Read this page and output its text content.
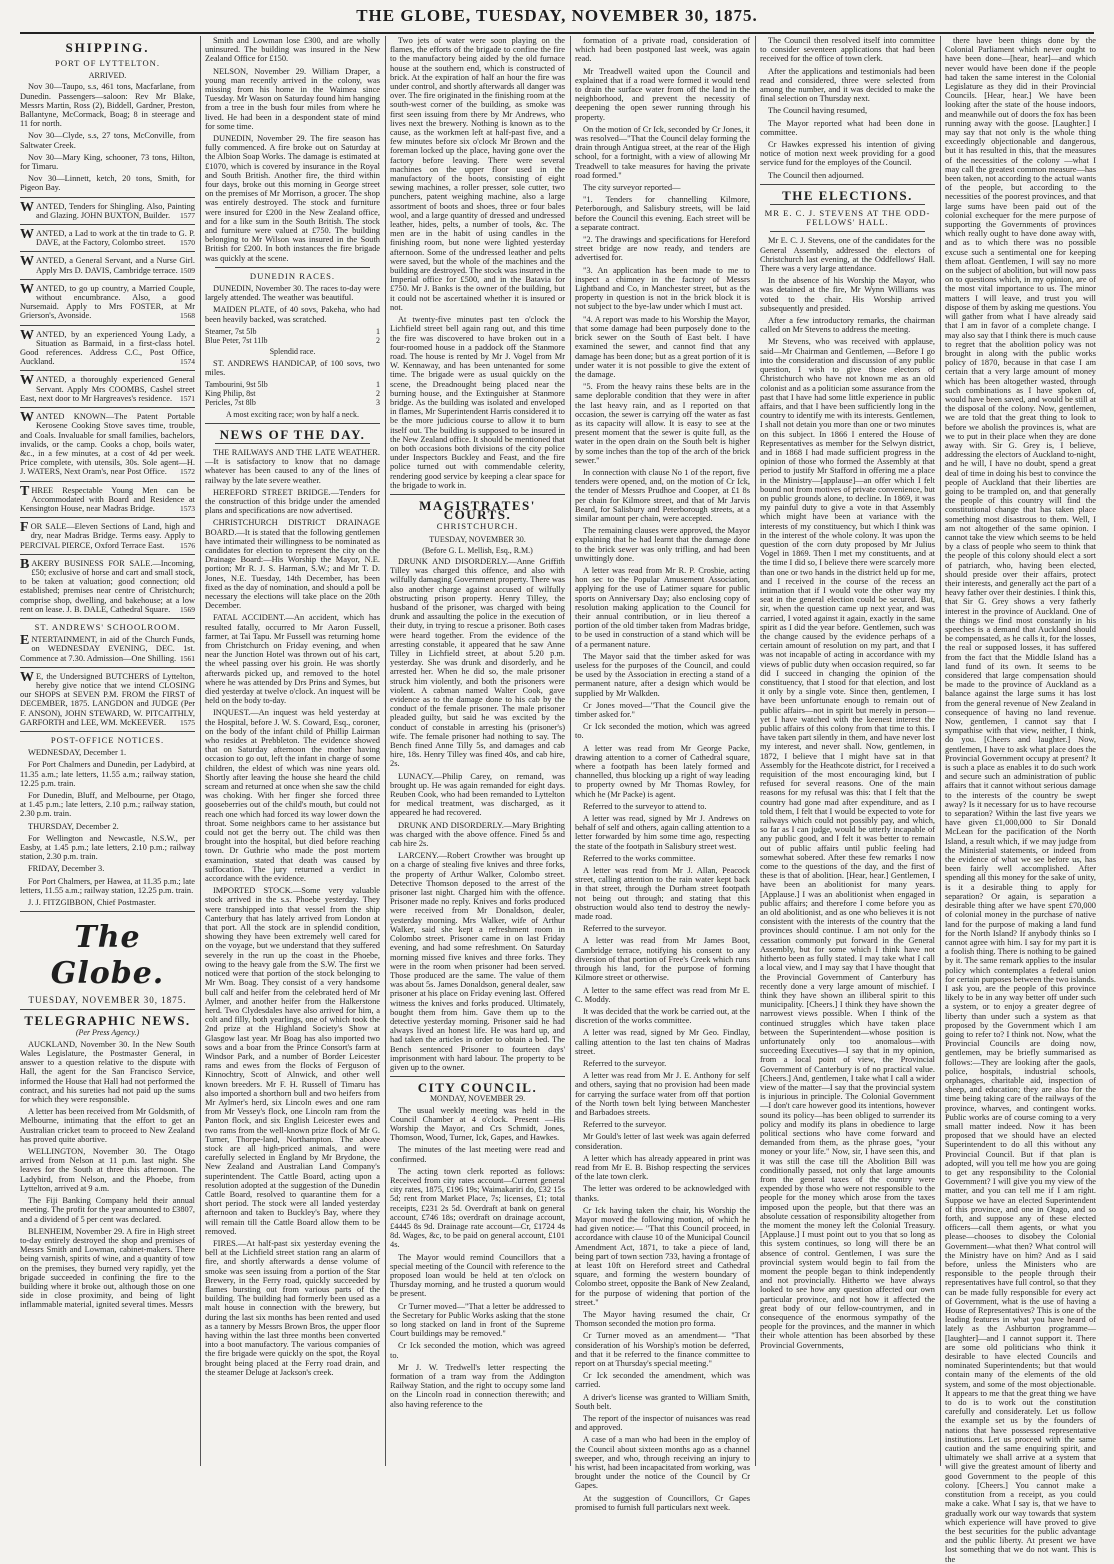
THE GLOBE, TUESDAY, NOVEMBER 30, 1875.
SHIPPING.
PORT OF LYTTELTON.
ARRIVED.

Nov 30—Taupo, s.s, 461 tons, Macfarlane, from Dunedin. Passengers—saloon: Rev Mr Blake, Messrs Martin, Ross (2), Biddell, Gardner, Preston, Ballantyne, McCormack, Boag; 8 in steerage and 11 for north.

Nov 30—Clyde, s.s, 27 tons, McConville, from Saltwater Creek.

Nov 30—Mary King, schooner, 73 tons, Hilton, for Timaru.

Nov 30—Linnett, ketch, 20 tons, Smith, for Pigeon Bay.

WANTED, Tenders for Shingling. Also, Painting and Glazing. JOHN BUXTON, Builder. 1577
WANTED, a Lad to work at the tin trade to G. P. DAVE, at the Factory, Colombo street. 1570
WANTED, a General Servant, and a Nurse Girl. Apply Mrs D. DAVIS, Cambridge terrace. 1509
WANTED, to go up country, a Married Couple, without encumbrance. Also, a good Nursemaid. Apply to Mrs FOSTER, at Mr Grierson's, Avonside.	1568
WANTED, by an experienced Young Lady, a Situation as Barmaid, in a first-class hotel. Good references. Address C.C., Post Office, Auckland.	1574
WANTED, a thoroughly experienced General Servant. Apply Mrs COOMBS, Cashel street East, next door to Mr Hargreaves's residence. 1571
WANTED KNOWN—The Patent Portable Kerosene Cooking Stove saves time, trouble, and Coals. Invaluable for small families, bachelors, invalids, or the camp. Cooks a chop, boils water, &c., in a few minutes, at a cost of 4d per week. Price complete, with utensils, 30s. Sole agent—H. J. WATERS, Next Oram's, near Post Office. 1572
THREE Respectable Young Men can be Accommodated with Board and Residence at Kensington House, near Madras Bridge.	1573
FOR SALE—Eleven Sections of Land, high and dry, near Madras Bridge. Terms easy. Apply to PERCIVAL PIERCE, Oxford Terrace East. 1576
BAKERY BUSINESS FOR SALE.—Incoming, £50; exclusive of horse and cart and small stock, to be taken at valuation; good connection; old established; premises near centre of Christchurch; comprise shop, dwelling, and bakehouse; at a low rent on lease. J. B. DALE, Cathedral Square. 1569
ST. ANDREWS' SCHOOLROOM.
E NTERTAINMENT, in aid of the Church Funds, on WEDNESDAY EVENING, DEC. 1st. Commence at 7.30. Admission—One Shilling. 1561
W E, the Undersigned BUTCHERS of Lyttelton, hereby give notice that we intend CLOSING our SHOPS at SEVEN P.M. FROM the FIRST of DECEMBER, 1875. LANGDON and JUDGE (Per F. ANSON), JOHN STEWARD, W. PITCAITHLY, GARFORTH and LEE, WM. McKEEVER. 1575
POST-OFFICE NOTICES.

WEDNESDAY, December 1.

For Port Chalmers and Dunedin, per Ladybird, at 11.35 a.m.; late letters, 11.55 a.m.; railway station, 12.25 p.m. train.

For Dunedin, Bluff, and Melbourne, per Otago, at 1.45 p.m.; late letters, 2.10 p.m.; railway station, 2.30 p.m. train.

THURSDAY, December 2.

For Wellington and Newcastle, N.S.W., per Easby, at 1.45 p.m.; late letters, 2.10 p.m.; railway station, 2.30 p.m. train.

FRIDAY, December 3.

For Port Chalmers, per Hawea, at 11.35 p.m.; late letters, 11.55 a.m.; railway station, 12.25 p.m. train.

J. J. FITZGIBBON, Chief Postmaster.

The Globe.
TUESDAY, NOVEMBER 30, 1875.
TELEGRAPHIC NEWS.
(Per Press Agency.)

AUCKLAND, November 30. In the New South Wales Legislature, the Postmaster General, in answer to a question relative to the dispute with Hall, the agent for the San Francisco Service, informed the House that Hall had not performed the contract, and his sureties had not paid up the sums for which they were responsible.

A letter has been received from Mr Goldsmith, of Melbourne, intimating that the effort to get an Australian cricket team to proceed to New Zealand has proved quite abortive.

WELLINGTON, November 30. The Otago arrived from Nelson at 11 p.m. last night. She leaves for the South at three this afternoon. The Ladybird, from Nelson, and the Phoebe, from Lyttelton, arrived at 9 a.m.

The Fiji Banking Company held their annual meeting. The profit for the year amounted to £3807, and a dividend of 5 per cent was declared.

BLENHEIM, November 29. A fire in High street to-day entirely destroyed the shop and premises of Messrs Smith and Lowman, cabinet-makers. There being varnish, spirits of wine, and a quantity of tow on the premises, they burned very rapidly, yet the brigade succeeded in confining the fire to the building where it broke out, although those on one side in close proximity, and being of light inflammable material, ignited several times. Messrs

Smith and Lowman lose £300, and are wholly uninsured. The building was insured in the New Zealand Office for £150.

NELSON, November 29. William Draper, a young man recently arrived in the colony, was missing from his home in the Waimea since Tuesday. Mr Wason on Saturday found him hanging from a tree in the bush four miles from where he lived. He had been in a despondent state of mind for some time.

DUNEDIN, November 29. The fire season has fully commenced. A fire broke out on Saturday at the Albion Soap Works. The damage is estimated at £1070, which is covered by insurance in the Royal and South British. Another fire, the third within four days, broke out this morning in George street on the premises of Mr Morrison, a grocer. The shop was entirely destroyed. The stock and furniture were insured for £200 in the New Zealand office, and for a like sum in the South British. The stock and furniture were valued at £750. The building belonging to Mr Wilson was insured in the South British for £200. In both instances the fire brigade was quickly at the scene.

DUNEDIN RACES.

DUNEDIN, November 30. The races to-day were largely attended. The weather was beautiful.

MAIDEN PLATE, of 40 sovs, Pakeha, who had been heavily backed, was scratched.

Steamer, 7st 5lb	1
Blue Peter, 7st 11lb	2
Splendid race.

ST. ANDREWS HANDICAP, of 100 sovs, two miles.

Tambourini, 9st 5lb	1
King Philip, 8st	2
Pericles, 7st 8lb	3
A most exciting race; won by half a neck.
NEWS OF THE DAY.

THE RAILWAYS AND THE LATE WEATHER. —It is satisfactory to know that no damage whatever has been caused to any of the lines of railway by the late severe weather.

HEREFORD STREET BRIDGE.—Tenders for the construction of this bridge under the amended plans and specifications are now advertised.

CHRISTCHURCH DISTRICT DRAINAGE BOARD.—It is stated that the following gentlemen have intimated their willingness to be nominated as candidates for election to represent the city on the Drainage Board:—His Worship the Mayor, N.E. portion; Mr R. J. S. Harman, S.W.; and Mr T. D. Jones, N.E. Tuesday, 14th December, has been fixed as the day of nomination, and should a poll be necessary the elections will take place on the 20th December.

FATAL ACCIDENT.—An accident, which has resulted fatally, occurred to Mr Aaron Fussell, farmer, at Tai Tapu. Mr Fussell was returning home from Christchurch on Friday evening, and when near the Junction Hotel was thrown out of his cart, the wheel passing over his groin. He was shortly afterwards picked up, and removed to the hotel where he was attended by Drs Prins and Symes, but died yesterday at twelve o'clock. An inquest will be held on the body to-day.

INQUEST.—An inquest was held yesterday at the Hospital, before J. W. S. Coward, Esq., coroner, on the body of the infant child of Phillip Lairman who resides at Prebbleton. The evidence showed that on Saturday afternoon the mother having occasion to go out, left the infant in charge of some children, the eldest of which was nine years old. Shortly after leaving the house she heard the child scream and returned at once when she saw the child was choking. With her finger she forced three gooseberries out of the child's mouth, but could not reach one which had forced its way lower down the throat. Some neighbors came to her assistance but could not get the berry out. The child was then brought into the hospital, but died before reaching town. Dr Guthrie who made the post mortem examination, stated that death was caused by suffocation. The jury returned a verdict in accordance with the evidence.

IMPORTED STOCK.—Some very valuable stock arrived in the s.s. Phoebe yesterday. They were transhipped into that vessel from the ship Canterbury that has lately arrived from London at that port. All the stock are in splendid condition, showing they have been extremely well cared for on the voyage, but we understand that they suffered severely in the run up the coast in the Phoebe, owing to the heavy gale from the S.W. The first we noticed were that portion of the stock belonging to Mr Wm. Boag. They consist of a very handsome bull calf and heifer from the celebrated herd of Mr Aylmer, and another heifer from the Halkerstone herd. Two Clydesdales have also arrived for him, a colt and filly, both yearlings, one of which took the 2nd prize at the Highland Society's Show at Glasgow last year. Mr Boag has also imported two sows and a boar from the Prince Consort's farm at Windsor Park, and a number of Border Leicester rams and ewes from the flocks of Ferguson of Kinnochtry, Scott of Alnwick, and other well known breeders. Mr F. H. Russell of Timaru has also imported a shorthorn bull and two heifers from Mr Aylmer's herd, six Lincoln ewes and one ram from Mr Vessey's flock, one Lincoln ram from the Panton flock, and six English Leicester ewes and two rams from the well-known prize flock of Mr G. Turner, Thorpe-land, Northampton. The above stock are all high-priced animals, and were carefully selected in England by Mr Brydone, the New Zealand and Australian Land Company's superintendent. The Cattle Board, acting upon a resolution adopted at the suggestion of the Dunedin Cattle Board, resolved to quarantine them for a short period. The stock were all landed yesterday afternoon and taken to Buckley's Bay, where they will remain till the Cattle Board allow them to be removed.

FIRES.—At half-past six yesterday evening the bell at the Lichfield street station rang an alarm of fire, and shortly afterwards a dense volume of smoke was seen issuing from a portion of the Star Brewery, in the Ferry road, quickly succeeded by flames bursting out from various parts of the building. The building had formerly been used as a malt house in connection with the brewery, but during the last six months has been rented and used as a tannery by Messrs Brown Bros, the upper floor having within the last three months been converted into a boot manufactory. The various companies of the fire brigade were quickly on the spot, the Royal brought being placed at the Ferry road drain, and the steamer Deluge at Jackson's creek.

Two jets of water were soon playing on the flames, the efforts of the brigade to confine the fire to the manufactory being aided by the old furnace house at the southern end, which is constructed of brick. At the expiration of half an hour the fire was under control, and shortly afterwards all danger was over. The fire originated in the finishing room at the south-west corner of the building, as smoke was first seen issuing from there by Mr Andrews, who lives next the brewery. Nothing is known as to the cause, as the workmen left at half-past five, and a few minutes before six o'clock Mr Brown and the foreman locked up the place, having gone over the factory before leaving. There were several machines on the upper floor used in the manufactory of the boots, consisting of eight sewing machines, a roller presser, sole cutter, two punchers, patent weighing machine, also a large assortment of boots and shoes, three or four bales wool, and a large quantity of dressed and undressed leather, hides, pelts, a number of tools, &c. The men are in the habit of using candles in the finishing room, but none were lighted yesterday afternoon. Some of the undressed leather and pelts were saved, but the whole of the machines and the building are destroyed. The stock was insured in the Imperial office for £500, and in the Batavia for £750. Mr J. Banks is the owner of the building, but it could not be ascertained whether it is insured or not.

At twenty-five minutes past ten o'clock the Lichfield street bell again rang out, and this time the fire was discovered to have broken out in a four-roomed house in a paddock off the Stanmore road. The house is rented by Mr J. Vogel from Mr W. Kennaway, and has been untenanted for some time. The brigade were as usual quickly on the scene, the Dreadnought being placed near the burning house, and the Extinguisher at Stanmore bridge. As the building was isolated and enveloped in flames, Mr Superintendent Harris considered it to be the more judicious course to allow it to burn itself out. The building is supposed to be insured in the New Zealand office. It should be mentioned that on both occasions both divisions of the city police under Inspectors Buckley and Feast, and the fire police turned out with commendable celerity, rendering good service by keeping a clear space for the brigade to work in.

MAGISTRATES' COURTS.
CHRISTCHURCH.
TUESDAY, NOVEMBER 30.
(Before G. L. Mellish, Esq., R.M.)

DRUNK AND DISORDERLY.—Anne Griffith Tilley was charged this offence, and also with wilfully damaging Government property. There was also another charge against accused of wilfully obstructing prison property. Henry Tilley, the husband of the prisoner, was charged with being drunk and assaulting the police in the execution of their duty, in trying to rescue a prisoner. Both cases were heard together. From the evidence of the arresting constable, it appeared that he saw Anne Tilley in Lichfield street, at about 5.20 p.m. yesterday. She was drunk and disorderly, and he arrested her. When he did so, the male prisoner struck him violently, and both the prisoners were violent. A cabman named Walter Cook, gave evidence as to the damage done to his cab by the conduct of the female prisoner. The male prisoner pleaded guilty, but said he was excited by the conduct of constable in arresting his (prisoner's) wife. The female prisoner had nothing to say. The Bench fined Anne Tilly 5s, and damages and cab hire, 18s. Henry Tilley was fined 40s, and cab hire, 2s.

LUNACY.—Philip Carey, on remand, was brought up. He was again remanded for eight days. Reuben Cook, who had been remanded to Lyttelton for medical treatment, was discharged, as it appeared he had recovered.

DRUNK AND DISORDERLY.—Mary Brighting was charged with the above offence. Fined 5s and cab hire 2s.

LARCENY.—Robert Crowther was brought up on a charge of stealing five knives and three forks, the property of Arthur Walker, Colombo street. Detective Thomson deposed to the arrest of the prisoner last night. Charged him with the offence. Prisoner made no reply. Knives and forks produced were received from Mr Donaldson, dealer, yesterday morning. Mrs Walker, wife of Arthur Walker, said she kept a refreshment room in Colombo street. Prisoner came in on last Friday evening, and had some refreshment. On Saturday morning missed five knives and three forks. They were in the room when prisoner had been served. Those produced are the same. The value of them was about 5s. James Donaldson, general dealer, saw prisoner at his place on Friday evening last. Offered witness the knives and forks produced. Ultimately, bought them from him. Gave them up to the detective yesterday morning. Prisoner said he had always lived an honest life. He was hard up, and had taken the articles in order to obtain a bed. The Bench sentenced Prisoner to fourteen days' imprisonment with hard labour. The property to be given up to the owner.

CITY COUNCIL.
MONDAY, NOVEMBER 29.

The usual weekly meeting was held in the Council Chamber at 4 o'clock. Present —His Worship the Mayor, and Crs Schmidt, Jones, Thomson, Wood, Turner, Ick, Gapes, and Hawkes.

The minutes of the last meeting were read and confirmed.

The acting town clerk reported as follows: Received from city rates account—Current general city rates, 1875, £196 19s; Waimakariri do, £32 15s 5d; rent from Market Place, 7s; licenses, £1; total receipts, £231 2s 5d. Overdraft at bank on general account, £746 18s; overdraft on drainage account, £4445 8s 9d. Drainage rate account—Cr, £1724 4s 8d. Wages, &c, to be paid on general account, £101 4s.

The Mayor would remind Councillors that a special meeting of the Council with reference to the proposed loan would be held at ten o'clock on Thursday morning, and he trusted a quorum would be present.

Cr Turner moved—"That a letter be addressed to the Secretary for Public Works asking that the stone so long stacked on land in front of the Supreme Court buildings may be removed."

Cr Ick seconded the motion, which was agreed to.

Mr J. W. Tredwell's letter respecting the formation of a tram way from the Addington Railway Station, and the right to occupy some land on the Lincoln road in connection therewith; and also having reference to the

formation of a private road, consideration of which had been postponed last week, was again read.

Mr Treadwell waited upon the Council and explained that if a road were formed it would tend to drain the surface water from off the land in the neighborhood, and prevent the necessity of deepening the open sewer running through his property.

On the motion of Cr Ick, seconded by Cr Jones, it was resolved—"That the Council delay forming the drain through Antigua street, at the rear of the High school, for a fortnight, with a view of allowing Mr Treadwell to take measures for having the private road formed."

The city surveyor reported—

"1. Tenders for channelling Kilmore, Peterborough, and Salisbury streets, will be laid before the Council this evening. Each street will be a separate contract.

"2. The drawings and specifications for Hereford street bridge are now ready, and tenders are advertised for.

"3. An application has been made to me to inspect a chimney in the factory of Messrs Lightband and Co, in Manchester street, but as the property in question is not in the brick block it is not subject to the bye-law under which I must act.

"4. A report was made to his Worship the Mayor, that some damage had been purposely done to the brick sewer on the South of East belt. I have examined the sewer, and cannot find that any damage has been done; but as a great portion of it is under water it is not possible to give the extent of the damage.

"5. From the heavy rains these belts are in the same deplorable condition that they were in after the last heavy rain, and as I reported on that occasion, the sewer is carrying off the water as fast as its capacity will allow. It is easy to see at the present moment that the sewer is quite full, as the water in the open drain on the South belt is higher by some inches than the top of the arch of the brick sewer."

In connection with clause No 1 of the report, five tenders were opened, and, on the motion of Cr Ick, the tender of Messrs Prudhoe and Cooper, at £1 8s per chain for Kilmore street, and that of Mr Jarvis Beard, for Salisbury and Peterborough streets, at a similar amount per chain, were accepted.

The remaining clauses were approved, the Mayor explaining that he had learnt that the damage done to the brick sewer was only trifling, and had been unwittingly done.

A letter was read from Mr R. P. Crosbie, acting hon sec to the Popular Amusement Association, applying for the use of Latimer square for public sports on Anniversary Day; also enclosing copy of resolution making application to the Council for their annual contribution, or in lieu thereof a portion of the old timber taken from Madras bridge, to be used in construction of a stand which will be of a permanent nature.

The Mayor said that the timber asked for was useless for the purposes of the Council, and could be used by the Association in erecting a stand of a permanent nature, after a design which would be supplied by Mr Walkden.

Cr Jones moved—"That the Council give the timber asked for."

Cr Ick seconded the motion, which was agreed to.

A letter was read from Mr George Packe, drawing attention to a corner of Cathedral square, where a footpath has been lately formed and channelled, thus blocking up a right of way leading to property owned by Mr Thomas Rowley, for which he (Mr Packe) is agent.

Referred to the surveyor to attend to.

A letter was read, signed by Mr J. Andrews on behalf of self and others, again calling attention to a letter forwarded by him some time ago, respecting the state of the footpath in Salisbury street west.

Referred to the works committee.

A letter was read from Mr J. Allan, Peacock street, calling attention to the rain water kept back in that street, through the Durham street footpath not being out through; and stating that this obstruction would also tend to destroy the newly-made road.

Referred to the surveyor.

A letter was read from Mr James Boot, Cambridge terrace, notifying his consent to any diversion of that portion of Free's Creek which runs through his land, for the purpose of forming Kilmore street or otherwise.

A letter to the same effect was read from Mr E. C. Moddy.

It was decided that the work be carried out, at the discretion of the works committee.

A letter was read, signed by Mr Geo. Findlay, calling attention to the last ten chains of Madras street.

Referred to the surveyor.

A letter was read from Mr J. E. Anthony for self and others, saying that no provision had been made for carrying the surface water from off that portion of the North town belt lying between Manchester and Barbadoes streets.

Referred to the surveyor.

Mr Gould's letter of last week was again deferred consideration.

A letter which has already appeared in print was read from Mr E. B. Bishop respecting the services of the late town clerk.

The letter was ordered to be acknowledged with thanks.

Cr Ick having taken the chair, his Worship the Mayor moved the following motion, of which he had given notice:— "That this Council proceed, in accordance with clause 10 of the Municipal Council Amendment Act, 1871, to take a piece of land, being part of town section 733, having a frontage of at least 10ft on Hereford street and Cathedral square, and forming the western boundary of Colombo street, opposite the Bank of New Zealand, for the purpose of widening that portion of the street."

The Mayor having resumed the chair, Cr Thomson seconded the motion pro forma.

Cr Turner moved as an amendment— "That consideration of his Worship's motion be deferred, and that it be referred to the finance committee to report on at Thursday's special meeting."

Cr Ick seconded the amendment, which was carried.

A driver's license was granted to William Smith, South belt.

The report of the inspector of nuisances was read and approved.

A case of a man who had been in the employ of the Council about sixteen months ago as a channel sweeper, and who, through receiving an injury to his wrist, had been incapacitated from working, was brought under the notice of the Council by Cr Gapes.

At the suggestion of Councillors, Cr Gapes promised to furnish full particulars next week.

The Council then resolved itself into committee to consider seventeen applications that had been received for the office of town clerk.

After the applications and testimonials had been read and considered, three were selected from among the number, and it was decided to make the final selection on Thursday next.

The Council having resumed,

The Mayor reported what had been done in committee.

Cr Hawkes expressed his intention of giving notice of motion next week providing for a good service fund for the employes of the Council.

The Council then adjourned.

THE ELECTIONS.
MR E. C. J. STEVENS AT THE ODD-FELLOWS' HALL.

Mr E. C. J. Stevens, one of the candidates for the General Assembly, addressed the electors of Christchurch last evening, at the Oddfellows' Hall. There was a very large attendance.

In the absence of his Worship the Mayor, who was detained at the fire, Mr Wynn Williams was voted to the chair. His Worship arrived subsequently and presided.

After a few introductory remarks, the chairman called on Mr Stevens to address the meeting.

Mr Stevens, who was received with applause, said—Mr Chairman and Gentlemen, —Before I go into the consideration and discussion of any public question, I wish to give those electors of Christchurch who have not known me as an old colonist and as a politician some assurance from the past that I have had some little experience in public affairs, and that I have been sufficiently long in the country to identify me with its interests. Gentlemen, I shall not detain you more than one or two minutes on this subject. In 1866 I entered the House of Representatives as member for the Selwyn district, and in 1868 I had made sufficient progress in the opinion of those who formed the Assembly at that period to justify Mr Stafford in offering me a place in the Ministry—[applause]—an offer which I felt bound not from motives of private convenience, but on public grounds alone, to decline. In 1869, it was my painful duty to give a vote in that Assembly which might have been at variance with the interests of my constituency, but which I think was in the interest of the whole colony. It was upon the question of the corn duty proposed by Mr Julius Vogel in 1869. Then I met my constituents, and at the time I did so, I believe there were scarcely more than one or two hands in the district held up for me, and I received in the course of the recess an intimation that if I would vote the other way my seat in the general election could be secured. But, sir, when the question came up next year, and was carried, I voted against it again, exactly in the same spirit as I did the year before. Gentlemen, such was the change caused by the evidence perhaps of a certain amount of resolution on my part, and that I was not incapable of acting in accordance with my views of public duty when occasion required, so far did I succeed in changing the opinion of the constituency, that I stood for that election, and lost it only by a single vote. Since then, gentlemen, I have been unfortunate enough to remain out of public affairs—not in spirit but merely in person—yet I have watched with the keenest interest the public affairs of this colony from that time to this. I have taken part silently in them, and have never lost my interest, and never shall. Now, gentlemen, in 1872, I believe that I might have sat in that Assembly for the Heathcote district, for I received a requisition of the most encouraging kind, but I refused for several reasons. One of the main reasons for my refusal was this: that I felt that the country had gone mad after expenditure, and as I told them, I felt that I would be expected to vote for railways which could not possibly pay, and which, so far as I can judge, would be utterly incapable of any public good, and I felt it was better to remain out of public affairs until public feeling had somewhat sobered. After these few remarks I now come to the questions of the day, and the first of these is that of abolition. [Hear, hear.] Gentlemen, I have been an abolitionist for many years. [Applause.] I was an abolitionist when engaged in public affairs; and therefore I come before you as an old abolitionist, and as one who believes it is not consistent with the interests of the country that the provinces should continue. I am not only for the cessation commonly put forward in the General Assembly, but for some which I think have not hitherto been as fully stated. I may take what I call a local view, and I may say that I have thought that the Provincial Government of Canterbury has recently done a very large amount of mischief. I think they have shown an illiberal spirit to this municipality. [Cheers.] I think they have shown the narrowest views possible. When I think of the continued struggles which have taken place between the Superintendent—whose position is unfortunately only too anomalous—with succeeding Executives—I say that in my opinion, from a local point of view, the Provincial Government of Canterbury is of no practical value. [Cheers.] And, gentlemen, I take what I call a wider view of the matter—I say that the provincial system is injurious in principle. The Colonial Government—I don't care however good its intentions, however sound its policy—has been obliged to surrender its policy and modify its plans in obedience to large political sections who have come forward and demanded from them, as the phrase goes, "your money or your life." Now, sir, I have seen this, and it was still the case till the Abolition Bill was conditionally passed, not only that large amounts from the general taxes of the country were expended by those who were not responsible to the people for the money which arose from the taxes imposed upon the people, but that there was an absolute cessation of responsibility altogether from the moment the money left the Colonial Treasury. [Applause.] I must point out to you that so long as this system continues, so long will there be an absence of control. Gentlemen, I was sure the provincial system would begin to fail from the moment the people began to think independently and not provincially. Hitherto we have always looked to see how any question affected our own particular province, and not how it affected the great body of our fellow-countrymen, and in consequence of the enormous sympathy of the people for the provinces, and the manner in which their whole attention has been absorbed by these Provincial Governments,

there have been things done by the Colonial Parliament which never ought to have been done—[hear, hear]—and which never would have been done if the people had taken the same interest in the Colonial Legislature as they did in their Provincial Councils. [Hear, hear.] We have been looking after the state of the house indoors, and meanwhile out of doors the fox has been running away with the goose. [Laughter.] I may say that not only is the whole thing exceedingly objectionable and dangerous, but it has resulted in this, that the measures of the necessities of the colony —what I may call the greatest common measure—has been taken, not according to the actual wants of the people, but according to the necessities of the poorest provinces, and that large sums have been paid out of the colonial exchequer for the mere purpose of supporting the Governments of provinces which really ought to have done away with, and as to which there was no possible excuse such a sentimental one for keeping them afloat. Gentlemen, I will say no more on the subject of abolition, but will now pass on to questions which, in my opinion, are of the most vital importance to us. The minor matters I will leave, and trust you will dispose of them by asking me questions. You will gather from what I have already said that I am in favor of a complete change. I may also say that I think there is much cause to regret that the abolition policy was not brought in along with the public works policy of 1870, because in that case I am certain that a very large amount of money which has been altogether wasted, through such combinations as I have spoken of, would have been saved, and would be still at the disposal of the colony. Now, gentlemen, we are told that the great thing to look to before we abolish the provinces is, what are we to put in their place when they are done away with. Sir G. Grey is, I believe, addressing the electors of Auckland to-night, and he will, I have no doubt, spend a great deal of time in doing his best to convince the people of Auckland that their liberties are going to be trampled on, and that generally the people of this country will find the constitutional change that has taken place something most disastrous to them. Well, I am not altogether of the same opinion. I cannot take the view which seems to be held by a class of people who seem to think that the people of this colony should elect a sort of patriarch, who, having been elected, should preside over their affairs, protect their interests, and generally act the part of a heavy father over their destinies. I think this, that Sir G. Grey shows a very fatherly interest in the province of Auckland. One of the things we find most constantly in his speeches is a demand that Auckland should be compensated, as he calls it, for the losses, the real or supposed losses, it has suffered from the fact that the Middle Island has a land fund of its own. It seems to be considered that large compensation should be made to the province of Auckland as a balance against the large sums it has lost from the general revenue of New Zealand in consequence of having no land revenue. Now, gentlemen, I cannot say that I sympathise with that view, neither, I think, do you. [Cheers and laughter.] Now, gentlemen, I have to ask what place does the Provincial Government occupy at present? It is such a place as enables it to do such work and secure such an administration of public affairs that it cannot without serious damage to the interests of the country be swept away? Is it necessary for us to have recourse to separation? Within the last five years we have given £1,000,000 to Sir Donald McLean for the pacification of the North Island, a result which, if we may judge from the Ministerial statements, or indeed from the evidence of what we see before us, has been fairly well accomplished. After spending all this money for the sake of unity, is it a desirable thing to apply for separation? Or again, is separation a desirable thing after we have spent £70,000 of colonial money in the purchase of native land for the purpose of making a land fund for the North Island? If anybody thinks so I cannot agree with him. I say for my part it is a foolish thing. There is nothing to be gained by it. The same remark applies to the insular policy which contemplates a federal union for certain purposes between the two islands. I ask you, are the people of this province likely to be in any way better off under such a system, or to enjoy a greater degree of liberty than under such a system as that proposed by the Government which I am going to refer to? I think not. Now, what the Provincial Councils are doing now, gentlemen, may be briefly summarised as follows:—They are looking after the gaols, police, hospitals, industrial schools, orphanages, charitable aid, inspection of sheep, and education; they are also for the time being taking care of the railways of the province, wharves, and contingent works. Public works are of course coming to a very small matter indeed. Now it has been proposed that we should have an elected Superintendent to do all this without any Provincial Council. But if that plan is adopted, will you tell me how you are going to get any responsibility to the Colonial Government? I will give you my view of the matter, and you can tell me if I am right. Suppose we have an elected Superintendent of this province, and one in Otago, and so forth, and suppose any of these elected officers—call them agents, or what you please—chooses to disobey the Colonial Government—what then? What control will the Ministry have on him? And as I said before, unless the Ministers who are responsible to the people through their representatives have full control, so that they can be made fully responsible for every act of Government, what is the use of having a House of Representatives? This is one of the leading features in what you have heard of lately as the Ashburton programme—[laughter]—and I cannot support it. There are some old politicians who think it desirable to have elected Councils and nominated Superintendents; but that would contain many of the elements of the old system, and some of the most objectionable. It appears to me that the great thing we have to do is to work out the constitution carefully and considerately. Let us follow the example set us by the founders of nations that have possessed representative institutions. Let us proceed with the same caution and the same enquiring spirit, and ultimately we shall arrive at a system that will give the greatest amount of liberty and good Government to the people of this colony. [Cheers.] You cannot make a constitution from a receipt, as you could make a cake. What I say is, that we have to gradually work our way towards that system which experience will have proved to give the best securities for the public advantage and the public liberty. At present we have lost something that we do not want. This is the
